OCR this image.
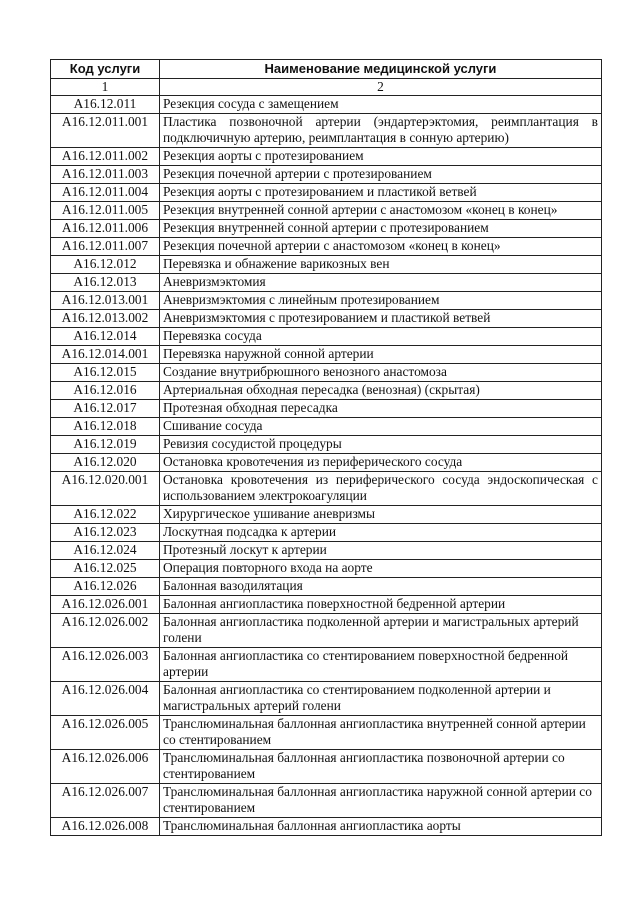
Код услуги	Наименование медицинской услуги
1	2
A16.12.011	Резекция сосуда с замещением
A16.12.011.001	Пластика позвоночной артерии (эндартерэктомия, реимплантация в подключичную артерию, реимплантация в сонную артерию)
A16.12.011.002	Резекция аорты с протезированием
A16.12.011.003	Резекция почечной артерии с протезированием
A16.12.011.004	Резекция аорты с протезированием и пластикой ветвей
A16.12.011.005	Резекция внутренней сонной артерии с анастомозом «конец в конец»
A16.12.011.006	Резекция внутренней сонной артерии с протезированием
A16.12.011.007	Резекция почечной артерии с анастомозом «конец в конец»
A16.12.012	Перевязка и обнажение варикозных вен
A16.12.013	Аневризмэктомия
A16.12.013.001	Аневризмэктомия с линейным протезированием
A16.12.013.002	Аневризмэктомия с протезированием и пластикой ветвей
A16.12.014	Перевязка сосуда
A16.12.014.001	Перевязка наружной сонной артерии
A16.12.015	Создание внутрибрюшного венозного анастомоза
A16.12.016	Артериальная обходная пересадка (венозная) (скрытая)
A16.12.017	Протезная обходная пересадка
A16.12.018	Сшивание сосуда
A16.12.019	Ревизия сосудистой процедуры
A16.12.020	Остановка кровотечения из периферического сосуда
A16.12.020.001	Остановка кровотечения из периферического сосуда эндоскопическая с использованием электрокоагуляции
A16.12.022	Хирургическое ушивание аневризмы
A16.12.023	Лоскутная подсадка к артерии
A16.12.024	Протезный лоскут к артерии
A16.12.025	Операция повторного входа на аорте
A16.12.026	Балонная вазодилятация
A16.12.026.001	Балонная ангиопластика поверхностной бедренной артерии
A16.12.026.002	Балонная ангиопластика подколенной артерии и магистральных артерий голени
A16.12.026.003	Балонная ангиопластика со стентированием поверхностной бедренной артерии
A16.12.026.004	Балонная ангиопластика со стентированием подколенной артерии и магистральных артерий голени
A16.12.026.005	Транслюминальная баллонная ангиопластика внутренней сонной артерии со стентированием
A16.12.026.006	Транслюминальная баллонная ангиопластика позвоночной артерии со стентированием
A16.12.026.007	Транслюминальная баллонная ангиопластика наружной сонной артерии со стентированием
A16.12.026.008	Транслюминальная баллонная ангиопластика аорты
